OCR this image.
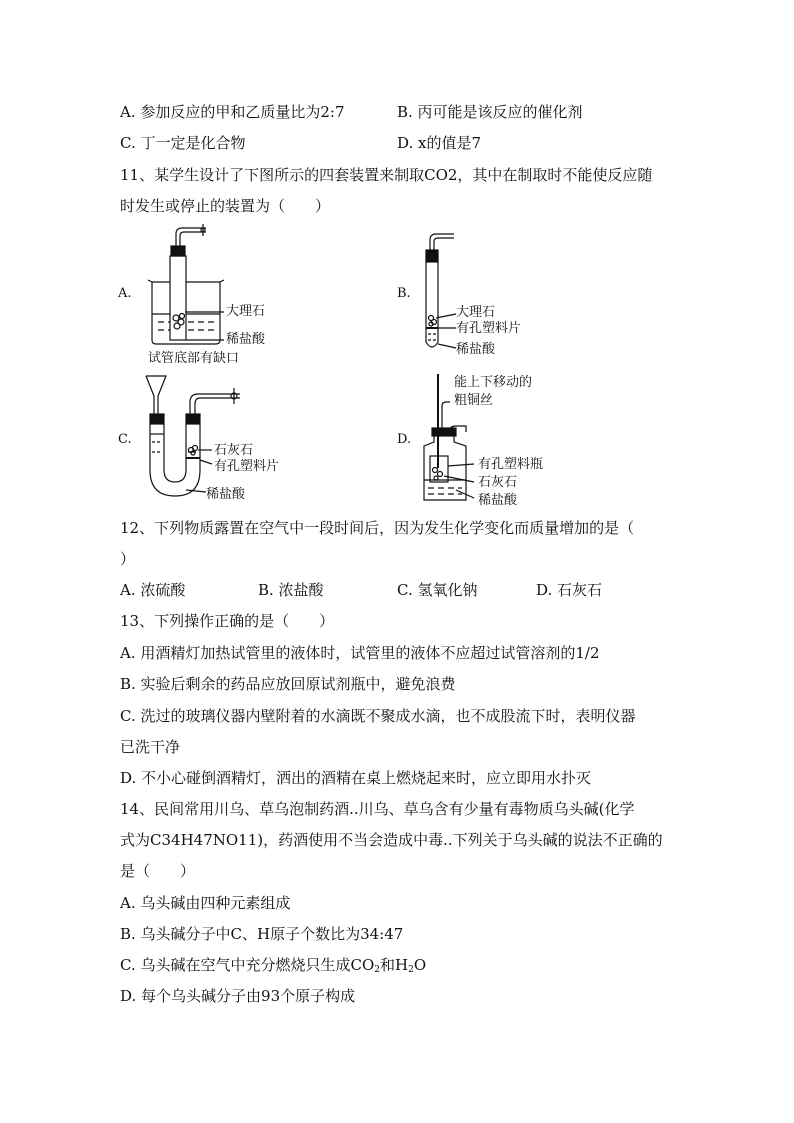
A. 参加反应的甲和乙质量比为2:7	B. 丙可能是该反应的催化剂
C. 丁一定是化合物	D. x的值是7
11、某学生设计了下图所示的四套装置来制取CO2，其中在制取时不能使反应随
时发生或停止的装置为（　　）
A.
大理石
稀盐酸
试管底部有缺口
B.
大理石
有孔塑料片
稀盐酸
C.
石灰石
有孔塑料片
稀盐酸
D.
能上下移动的
粗铜丝
有孔塑料瓶
石灰石
稀盐酸
12、下列物质露置在空气中一段时间后，因为发生化学变化而质量增加的是（
）
A. 浓硫酸	B. 浓盐酸	C. 氢氧化钠	D. 石灰石
13、下列操作正确的是（　　）
A. 用酒精灯加热试管里的液体时，试管里的液体不应超过试管溶剂的1/2
B. 实验后剩余的药品应放回原试剂瓶中，避免浪费
C. 洗过的玻璃仪器内壁附着的水滴既不聚成水滴，也不成股流下时，表明仪器
已洗干净
D. 不小心碰倒酒精灯，洒出的酒精在桌上燃烧起来时，应立即用水扑灭
14、民间常用川乌、草乌泡制药酒..川乌、草乌含有少量有毒物质乌头碱(化学
式为C34H47NO11)，药酒使用不当会造成中毒..下列关于乌头碱的说法不正确的
是（　　）
A. 乌头碱由四种元素组成
B. 乌头碱分子中C、H原子个数比为34:47
C. 乌头碱在空气中充分燃烧只生成$CO_2$和$H_2O$
D. 每个乌头碱分子由93个原子构成
